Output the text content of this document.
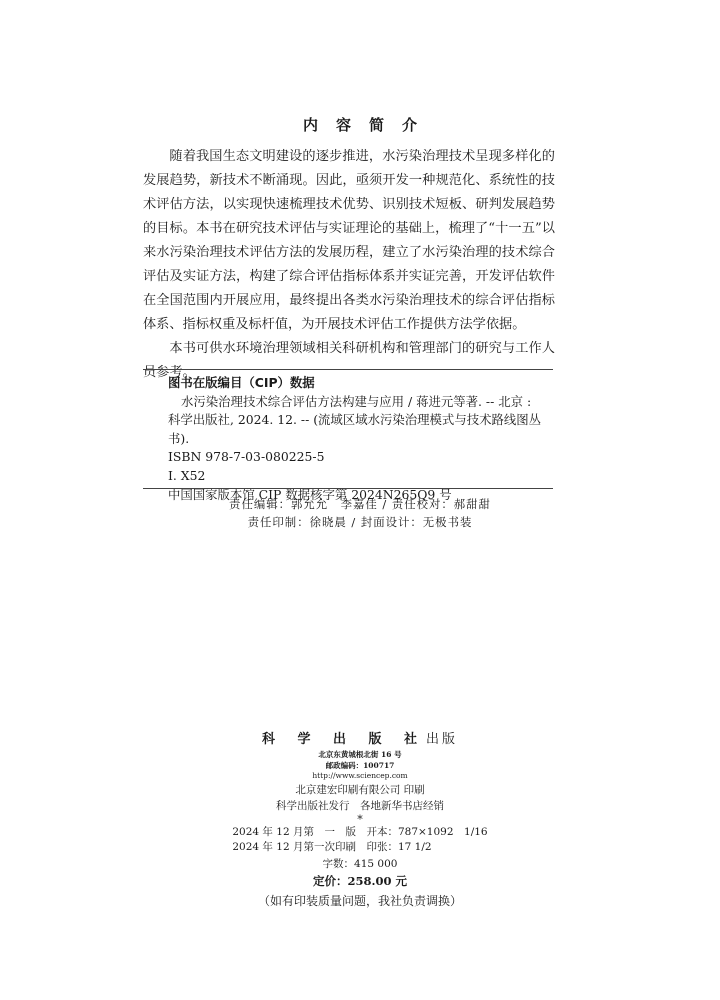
内 容 简 介

随着我国生态文明建设的逐步推进，水污染治理技术呈现多样化的发展趋势，新技术不断涌现。因此，亟须开发一种规范化、系统性的技术评估方法，以实现快速梳理技术优势、识别技术短板、研判发展趋势的目标。本书在研究技术评估与实证理论的基础上，梳理了“十一五”以来水污染治理技术评估方法的发展历程，建立了水污染治理的技术综合评估及实证方法，构建了综合评估指标体系并实证完善，开发评估软件在全国范围内开展应用，最终提出各类水污染治理技术的综合评估指标体系、指标权重及标杆值，为开展技术评估工作提供方法学依据。

本书可供水环境治理领域相关科研机构和管理部门的研究与工作人员参考。

图书在版编目（CIP）数据
水污染治理技术综合评估方法构建与应用 / 蒋进元等著. -- 北京 :
科学出版社, 2024. 12. -- (流域区域水污染治理模式与技术路线图丛书).
ISBN 978-7-03-080225-5
Ⅰ. X52
中国国家版本馆 CIP 数据核字第 2024N265Q9 号
责任编辑：郭允允　李嘉佳 / 责任校对：郝甜甜
责任印制：徐晓晨 / 封面设计：无极书装
科 学 出 版 社出版
北京东黄城根北街 16 号
邮政编码：100717
http://www.sciencep.com
北京建宏印刷有限公司 印刷
科学出版社发行　各地新华书店经销
*
2024 年 12 月第　一　版　开本：787×1092　1/16
2024 年 12 月第一次印刷　印张：17 1/2
字数：415 000
定价：258.00 元
（如有印装质量问题，我社负责调换）
